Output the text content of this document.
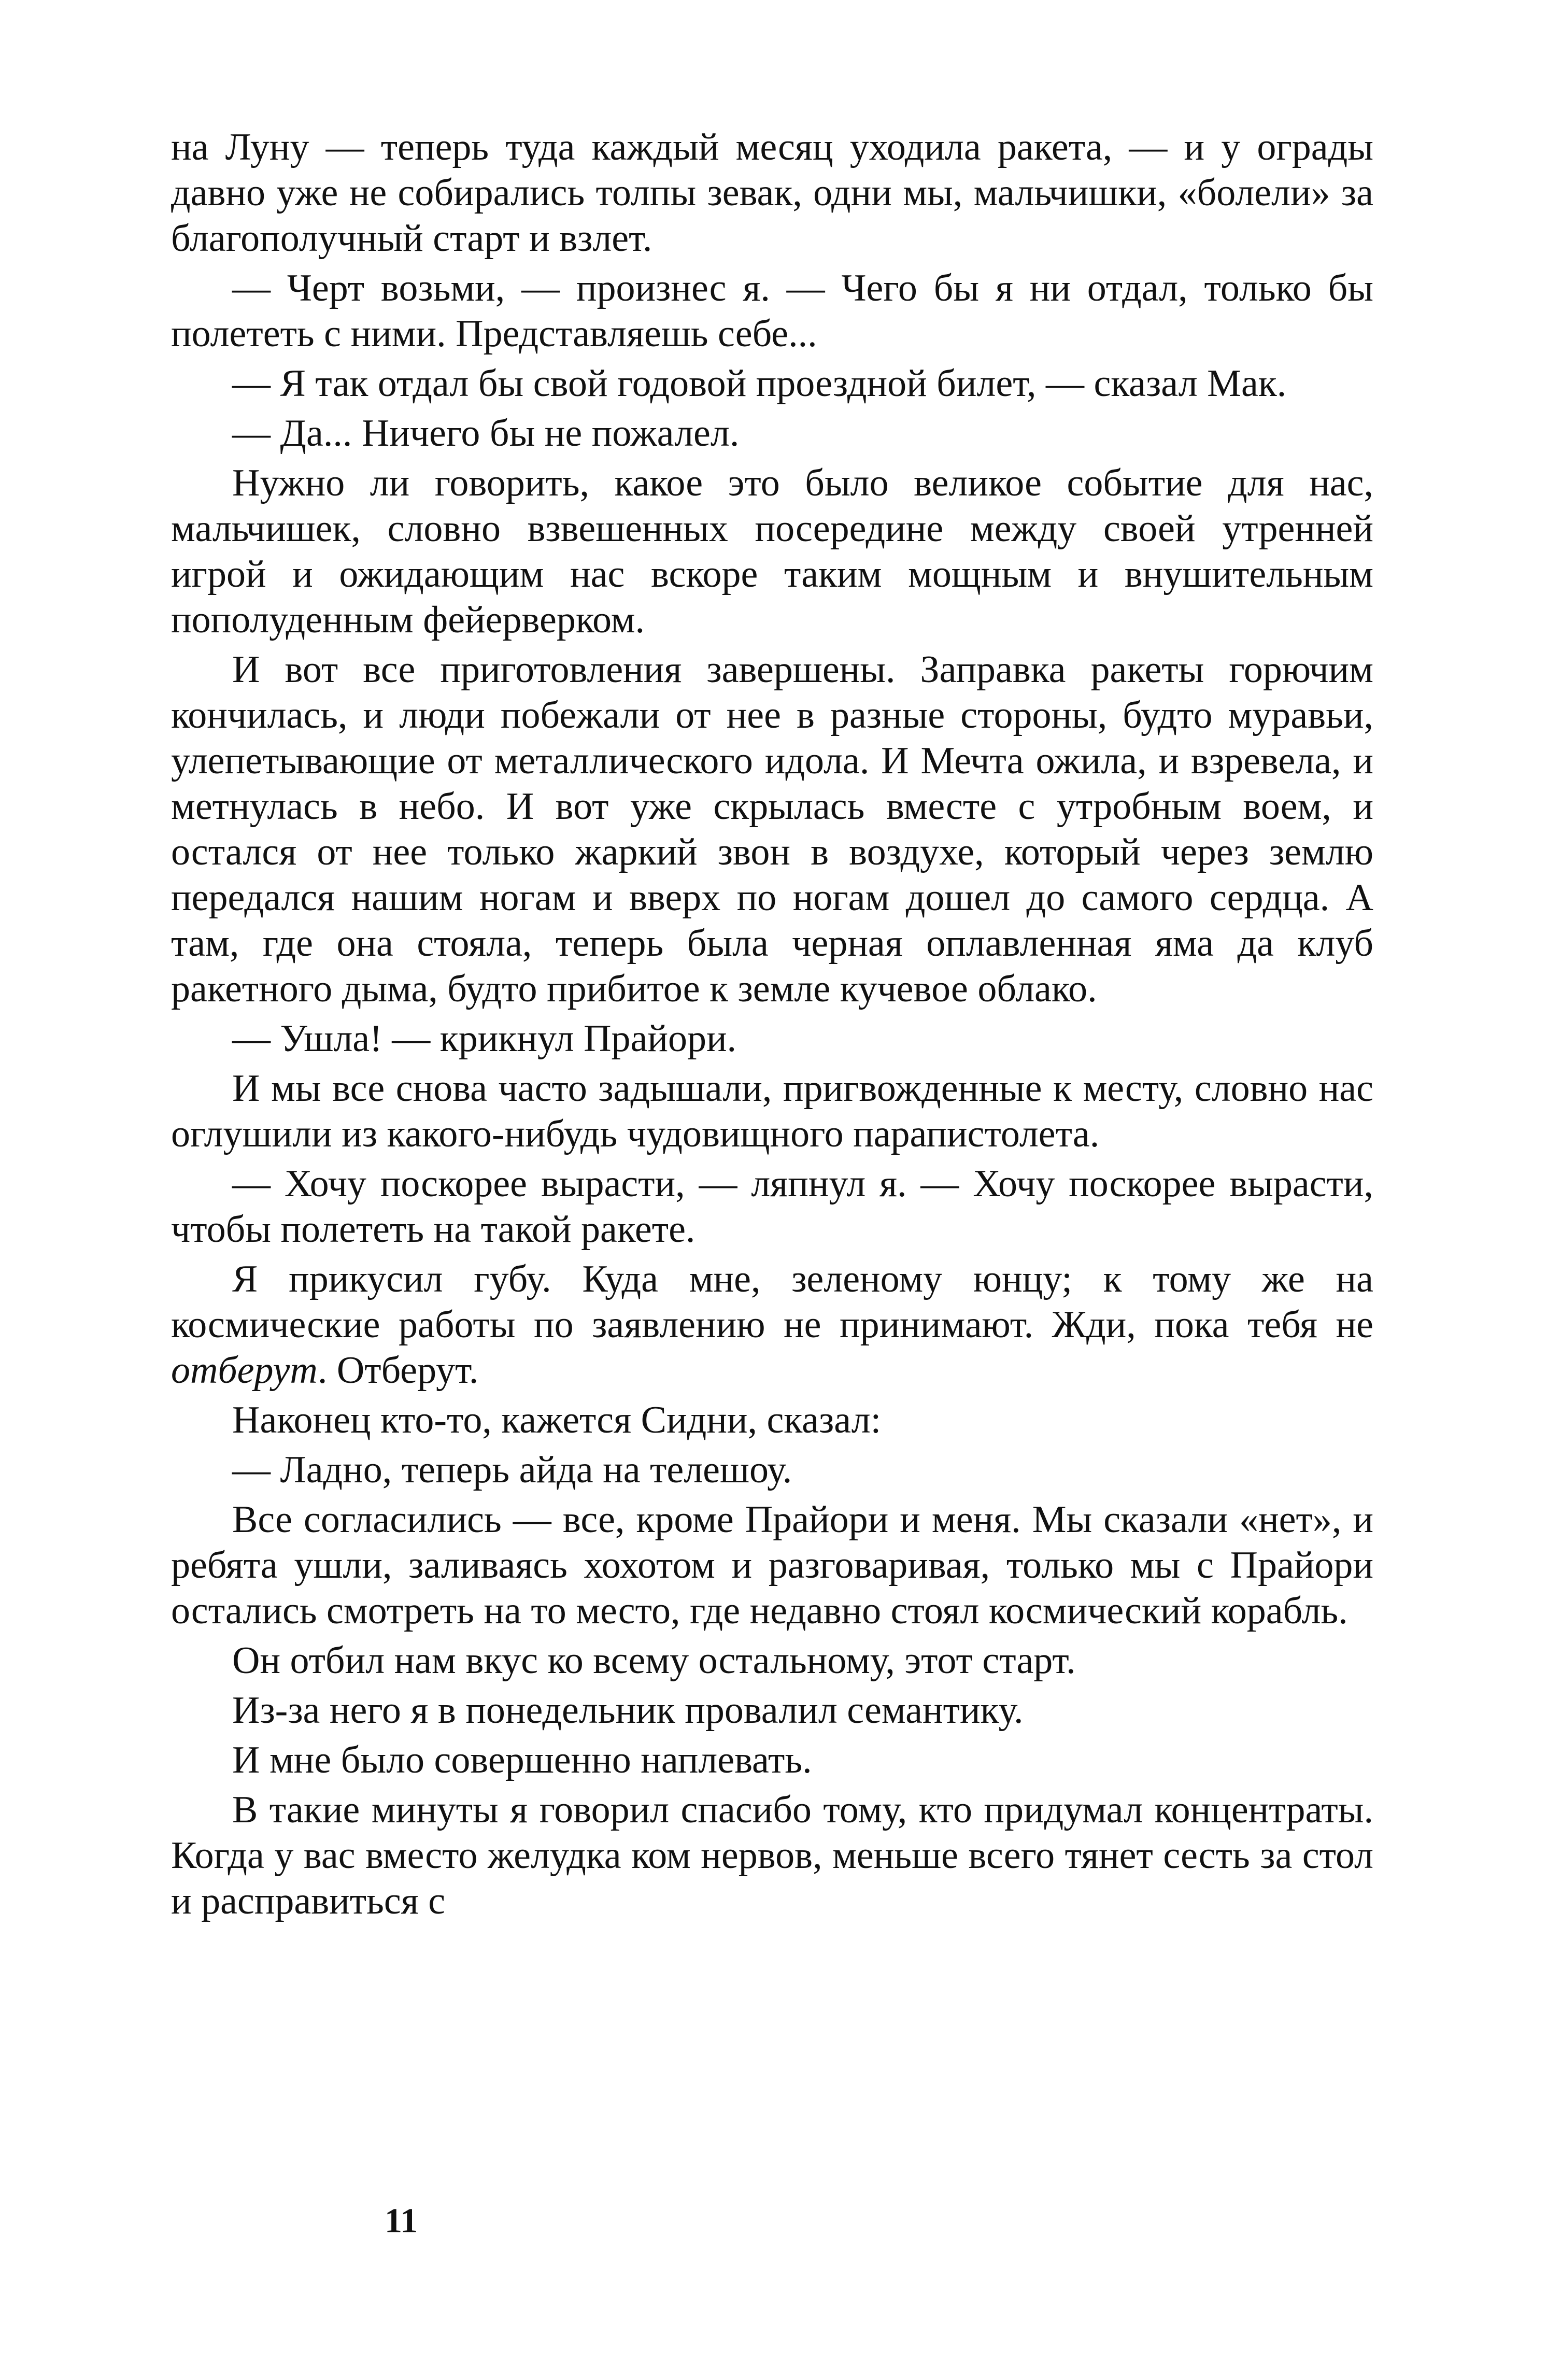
на Луну — теперь туда каждый месяц уходила ракета, — и у ограды давно уже не собирались толпы зевак, одни мы, мальчишки, «болели» за благополучный старт и взлет.

— Черт возьми, — произнес я. — Чего бы я ни отдал, только бы полететь с ними. Представляешь себе...

— Я так отдал бы свой годовой проездной билет, — сказал Мак.

— Да... Ничего бы не пожалел.

Нужно ли говорить, какое это было великое событие для нас, мальчишек, словно взвешенных посередине между своей утренней игрой и ожидающим нас вскоре таким мощным и внушительным пополуденным фейерверком.

И вот все приготовления завершены. Заправка ракеты горючим кончилась, и люди побежали от нее в разные стороны, будто муравьи, улепетывающие от металлического идола. И Мечта ожила, и взревела, и метнулась в небо. И вот уже скрылась вместе с утробным воем, и остался от нее только жаркий звон в воздухе, который через землю передался нашим ногам и вверх по ногам дошел до самого сердца. А там, где она стояла, теперь была черная оплавленная яма да клуб ракетного дыма, будто прибитое к земле кучевое облако.

— Ушла! — крикнул Прайори.

И мы все снова часто задышали, пригвожденные к месту, словно нас оглушили из какого-нибудь чудовищного парапистолета.

— Хочу поскорее вырасти, — ляпнул я. — Хочу поскорее вырасти, чтобы полететь на такой ракете.

Я прикусил губу. Куда мне, зеленому юнцу; к тому же на космические работы по заявлению не принимают. Жди, пока тебя не отберут. Отберут.

Наконец кто-то, кажется Сидни, сказал:

— Ладно, теперь айда на телешоу.

Все согласились — все, кроме Прайори и меня. Мы сказали «нет», и ребята ушли, заливаясь хохотом и разговаривая, только мы с Прайори остались смотреть на то место, где недавно стоял космический корабль.

Он отбил нам вкус ко всему остальному, этот старт.

Из-за него я в понедельник провалил семантику.

И мне было совершенно наплевать.

В такие минуты я говорил спасибо тому, кто придумал концентраты. Когда у вас вместо желудка ком нервов, меньше всего тянет сесть за стол и расправиться с

11
